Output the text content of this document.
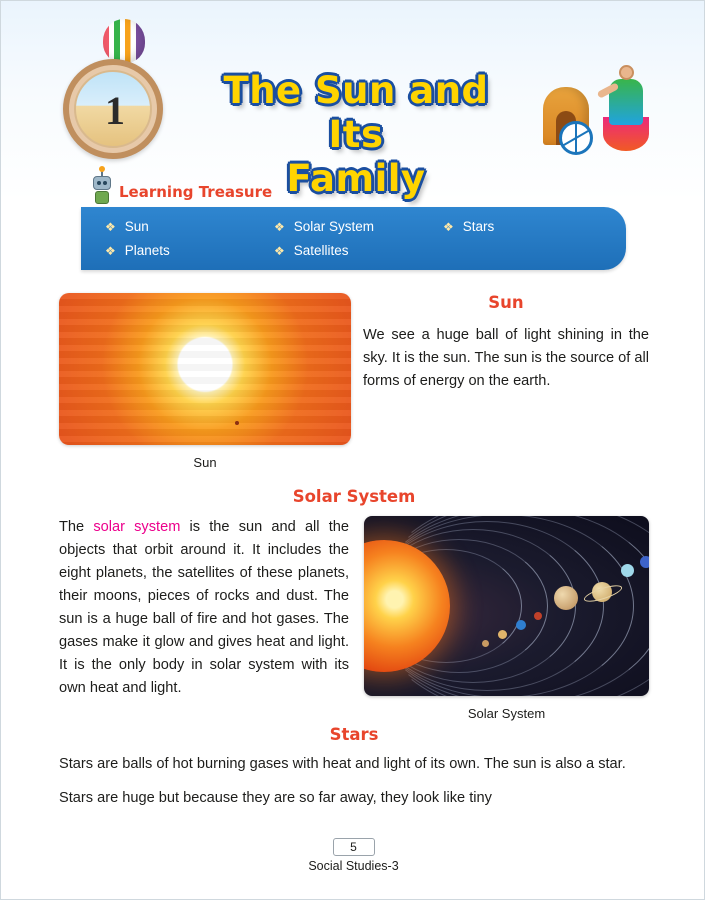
1	The Sun and Its
Family
Learning Treasure
❖ Sun	❖ Solar System	❖ Stars
❖ Planets	❖ Satellites
Sun
Sun

We see a huge ball of light shining in the sky. It is the sun. The sun is the source of all forms of energy on the earth.

Solar System
Solar System

The solar system is the sun and all the objects that orbit around it. It includes the eight planets, the satellites of these planets, their moons, pieces of rocks and dust. The sun is a huge ball of fire and hot gases. The gases make it glow and gives heat and light. It is the only body in solar system with its own heat and light.

Stars

Stars are balls of hot burning gases with heat and light of its own. The sun is also a star.

Stars are huge but because they are so far away, they look like tiny

5
Social Studies-3
